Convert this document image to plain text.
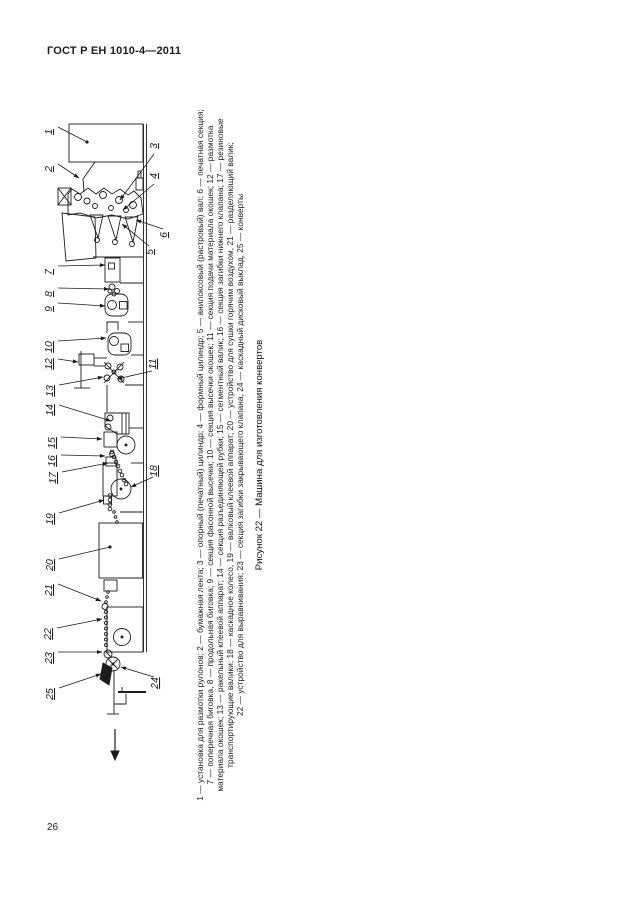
ГОСТ Р ЕН 1010-4—2011
1
2
3
4
5
6
7
8
9
10
11
12
13
14
15
16
17
18
19
20
21
22
23
24
25	1 — установка для размотки рулонов; 2 — бумажная лента; 3 — опорный (печатный) цилиндр; 4 — формный цилиндр; 5 — анилоксовый (растровый) вал; 6 — печатная секция; 7 — поперечная биговка, 8 — продольная биговка; 9 — секция фасонной высечки; 10 — секция высечки окошек; 11 — секция подачи материала окошек; 12 — размотка материала окошек; 13 — ракельный клеевой аппарат; 14 — секция разъединяющей рубки; 15 — сегментный валик; 16 — секция загибки нижнего клапана; 17 — резиновые транспортирующие валики; 18 — каскадное колесо, 19 — валковый клеевой аппарат; 20 — устройство для сушки горячим воздухом, 21 — разделяющий валик; 22 — устройство для выравнивания; 23 — секция загибки закрывающего клапана, 24 — каскадный дисковый выклад, 25 — конверты Рисунок 22 — Машина для изготовления конвертов
26
